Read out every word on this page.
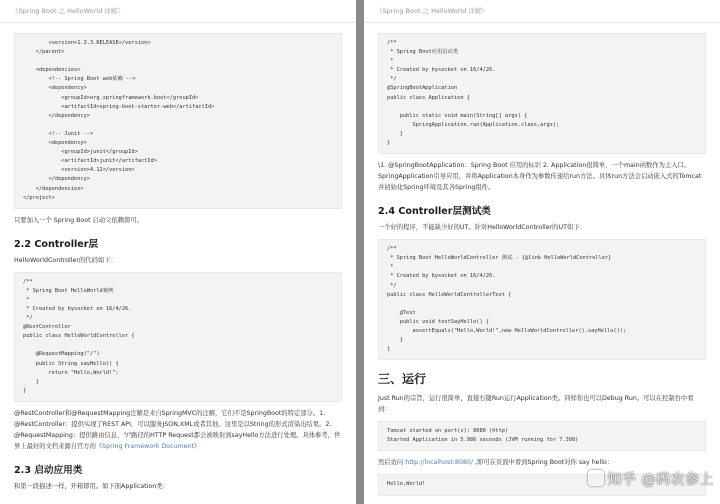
《Spring Boot 之 HelloWorld 详解》
<version>1.3.3.RELEASE</version>
</parent>

<dependencies>
<!-- Spring Boot web依赖 -->
<dependency>
<groupId>org.springframework.boot</groupId>
<artifactId>spring-boot-starter-web</artifactId>
</dependency>

<!-- Junit -->
<dependency>
<groupId>junit</groupId>
<artifactId>junit</artifactId>
<version>4.12</version>
</dependency>
</dependencies>
</project>

只要加入一个 Spring Boot 启动父依赖即可。

2.2 Controller层

HelloWorldController的代码如下：

/**
* Spring Boot HelloWorld案例
*
* Created by bysocket on 16/4/26.
*/
@RestController
public class HelloWorldController {

@RequestMapping("/")
public String sayHello() {
return "Hello,World!";
}
}

@RestController和@RequestMapping注解是来自SpringMVC的注解，它们不是SpringBoot的特定部分。1. @RestController：提供实现了REST API，可以服务JSON,XML或者其他。这里是以String的形式渲染出结果。2. @RequestMapping：提供路由信息，"/"路径的HTTP Request都会被映射到sayHello方法进行处理。具体参考，世界上最好的文档来源自官方的《Spring Framework Document》

2.3 启动应用类

和第一段描述一样，开箱即用。如下面Application类：

《Spring Boot 之 HelloWorld 详解》
/**
* Spring Boot应用启动类
*
* Created by bysocket on 16/4/26.
*/
@SpringBootApplication
public class Application {

public static void main(String[] args) {
SpringApplication.run(Application.class,args);
}
}

\1. @SpringBootApplication：Spring Boot 应用的标识 2. Application很简单，一个main函数作为主入口。SpringApplication引导应用，并将Application本身作为参数传递给run方法。具体run方法会启动嵌入式的Tomcat并初始化Spring环境及其各Spring组件。

2.4 Controller层测试类

一个好的程序，不能缺少好的UT。针对HelloWorldController的UT如下：

/**
* Spring Boot HelloWorldController 测试 - {@link HelloWorldController}
*
* Created by bysocket on 16/4/26.
*/
public class HelloWorldControllerTest {

@Test
public void testSayHello() {
assertEquals("Hello,World!",new HelloWorldController().sayHello());
}
}
三、运行

Just Run的宗旨，运行很简单，直接右键Run运行Application类。同样你也可以Debug Run。可以在控制台中看到：

Tomcat started on port(s): 8080 (http)
Started Application in 5.986 seconds (JVM running for 7.398)

然后访问 http://localhost:8080/ ,即可在页面中看到Spring Boot对你 say hello：

Hello,World!	知乎 @码农参上
